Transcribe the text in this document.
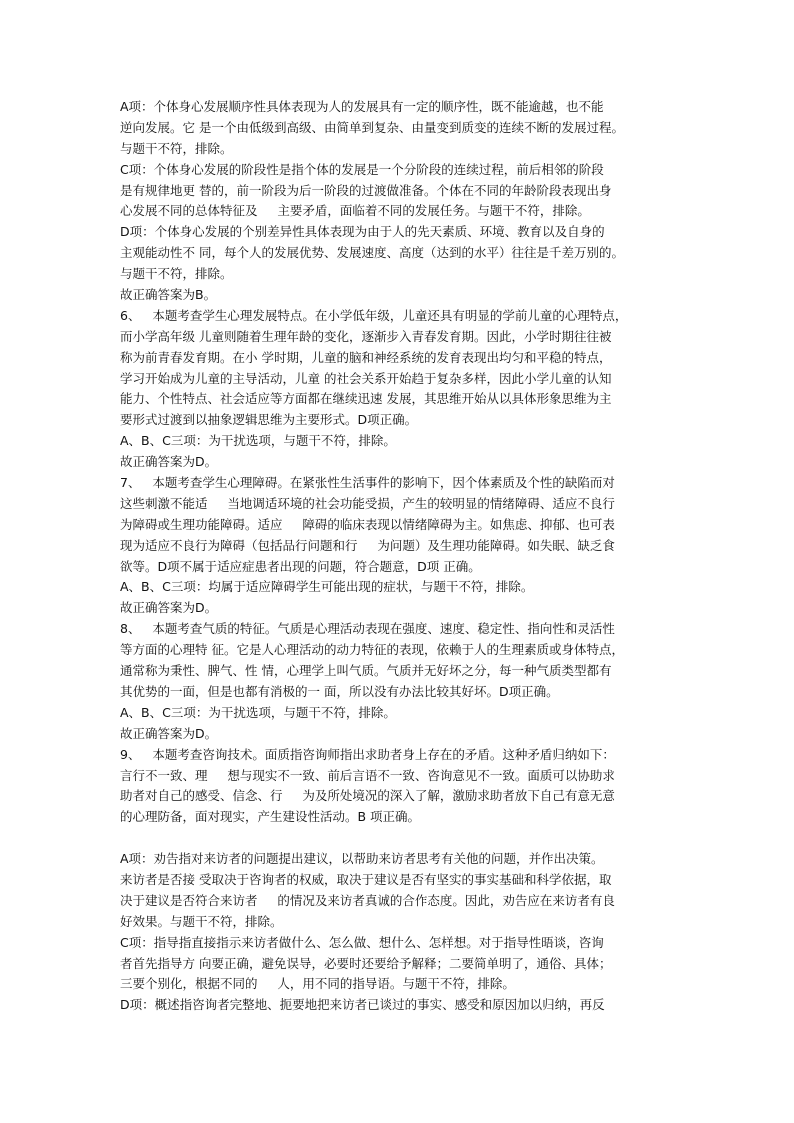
A项：个体身心发展顺序性具体表现为人的发展具有一定的顺序性，既不能逾越，也不能
逆向发展。它 是一个由低级到高级、由简单到复杂、由量变到质变的连续不断的发展过程。
与题干不符，排除。
C项：个体身心发展的阶段性是指个体的发展是一个分阶段的连续过程，前后相邻的阶段
是有规律地更 替的，前一阶段为后一阶段的过渡做准备。个体在不同的年龄阶段表现出身
心发展不同的总体特征及     主要矛盾，面临着不同的发展任务。与题干不符，排除。
D项：个体身心发展的个别差异性具体表现为由于人的先天素质、环境、教育以及自身的
主观能动性不 同，每个人的发展优势、发展速度、高度（达到的水平）往往是千差万别的。
与题干不符，排除。
故正确答案为B。
6、   本题考查学生心理发展特点。在小学低年级，儿童还具有明显的学前儿童的心理特点，
而小学高年级 儿童则随着生理年龄的变化，逐渐步入青春发育期。因此，小学时期往往被
称为前青春发育期。在小 学时期，儿童的脑和神经系统的发育表现出均匀和平稳的特点，
学习开始成为儿童的主导活动，儿童 的社会关系开始趋于复杂多样，因此小学儿童的认知
能力、个性特点、社会适应等方面都在继续迅速 发展，其思维开始从以具体形象思维为主
要形式过渡到以抽象逻辑思维为主要形式。D项正确。
A、B、C三项：为干扰选项，与题干不符，排除。
故正确答案为D。
7、   本题考查学生心理障碍。在紧张性生活事件的影响下，因个体素质及个性的缺陷而对
这些刺激不能适     当地调适环境的社会功能受损，产生的较明显的情绪障碍、适应不良行
为障碍或生理功能障碍。适应     障碍的临床表现以情绪障碍为主。如焦虑、抑郁、也可表
现为适应不良行为障碍（包括品行问题和行     为问题）及生理功能障碍。如失眠、缺乏食
欲等。D项不属于适应症患者出现的问题，符合题意，D项 正确。
A、B、C三项：均属于适应障碍学生可能出现的症状，与题干不符，排除。
故正确答案为D。
8、   本题考查气质的特征。气质是心理活动表现在强度、速度、稳定性、指向性和灵活性
等方面的心理特 征。它是人心理活动的动力特征的表现，依赖于人的生理素质或身体特点，
通常称为秉性、脾气、性 情，心理学上叫气质。气质并无好坏之分，每一种气质类型都有
其优势的一面，但是也都有消极的一 面，所以没有办法比较其好坏。D项正确。
A、B、C三项：为干扰选项，与题干不符，排除。
故正确答案为D。
9、   本题考查咨询技术。面质指咨询师指出求助者身上存在的矛盾。这种矛盾归纳如下：
言行不一致、理     想与现实不一致、前后言语不一致、咨询意见不一致。面质可以协助求
助者对自己的感受、信念、行     为及所处境况的深入了解，激励求助者放下自己有意无意
的心理防备，面对现实，产生建设性活动。B 项正确。
A项：劝告指对来访者的问题提出建议，以帮助来访者思考有关他的问题，并作出决策。
来访者是否接 受取决于咨询者的权威，取决于建议是否有坚实的事实基础和科学依据，取
决于建议是否符合来访者     的情况及来访者真诚的合作态度。因此，劝告应在来访者有良
好效果。与题干不符，排除。
C项：指导指直接指示来访者做什么、怎么做、想什么、怎样想。对于指导性晤谈，咨询
者首先指导方 向要正确，避免误导，必要时还要给予解释；二要简单明了，通俗、具体；
三要个别化，根据不同的     人，用不同的指导语。与题干不符，排除。
D项：概述指咨询者完整地、扼要地把来访者已谈过的事实、感受和原因加以归纳，再反
